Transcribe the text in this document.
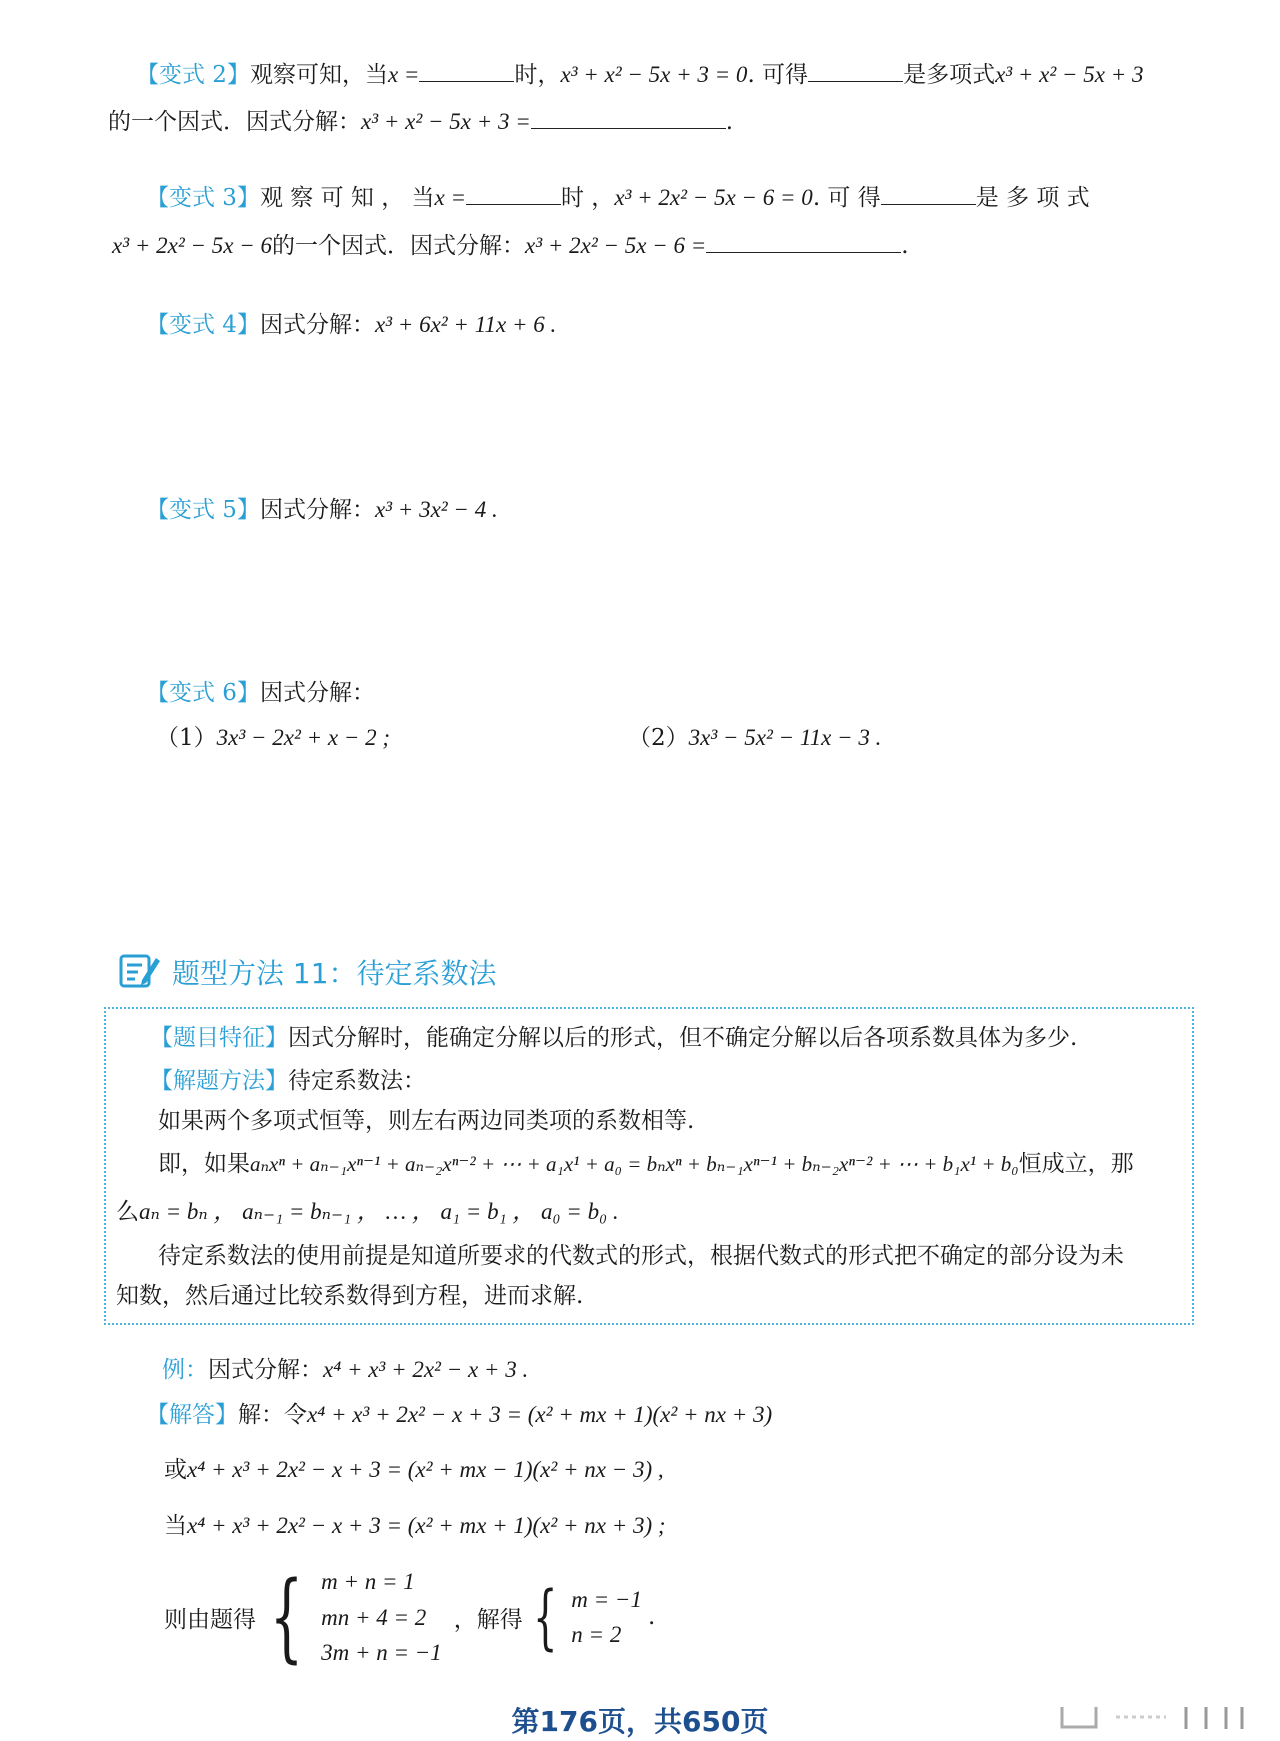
【变式 2】观察可知，当x =	时，x³ + x² − 5x + 3 = 0. 可得	是多项式x³ + x² − 5x + 3
的一个因式．因式分解：x³ + x² − 5x + 3 =	.
【变式 3】观 察 可 知 ， 当x =	时 ，x³ + 2x² − 5x − 6 = 0. 可 得	是 多 项 式
x³ + 2x² − 5x − 6的一个因式．因式分解：x³ + 2x² − 5x − 6 =	.
【变式 4】因式分解：x³ + 6x² + 11x + 6 .
【变式 5】因式分解：x³ + 3x² − 4 .
【变式 6】因式分解：
（1）3x³ − 2x² + x − 2 ;	（2）3x³ − 5x² − 11x − 3 .
题型方法 11：待定系数法
【题目特征】因式分解时，能确定分解以后的形式，但不确定分解以后各项系数具体为多少.
【解题方法】待定系数法：
如果两个多项式恒等，则左右两边同类项的系数相等.
即，如果aₙxⁿ + aₙ₋₁xⁿ⁻¹ + aₙ₋₂xⁿ⁻² + ⋯ + a₁x¹ + a₀ = bₙxⁿ + bₙ₋₁xⁿ⁻¹ + bₙ₋₂xⁿ⁻² + ⋯ + b₁x¹ + b₀恒成立，那
么aₙ = bₙ ， aₙ₋₁ = bₙ₋₁ ， … ， a₁ = b₁ ， a₀ = b₀ .
待定系数法的使用前提是知道所要求的代数式的形式，根据代数式的形式把不确定的部分设为未
知数，然后通过比较系数得到方程，进而求解.
例：因式分解：x⁴ + x³ + 2x² − x + 3 .
【解答】解：令x⁴ + x³ + 2x² − x + 3 = (x² + mx + 1)(x² + nx + 3)
或x⁴ + x³ + 2x² − x + 3 = (x² + mx − 1)(x² + nx − 3) ,
当x⁴ + x³ + 2x² − x + 3 = (x² + mx + 1)(x² + nx + 3) ;
则由题得 { m + n = 1
mn + 4 = 2
3m + n = −1
，解得 { m = −1
n = 2
.
第176页，共650页
